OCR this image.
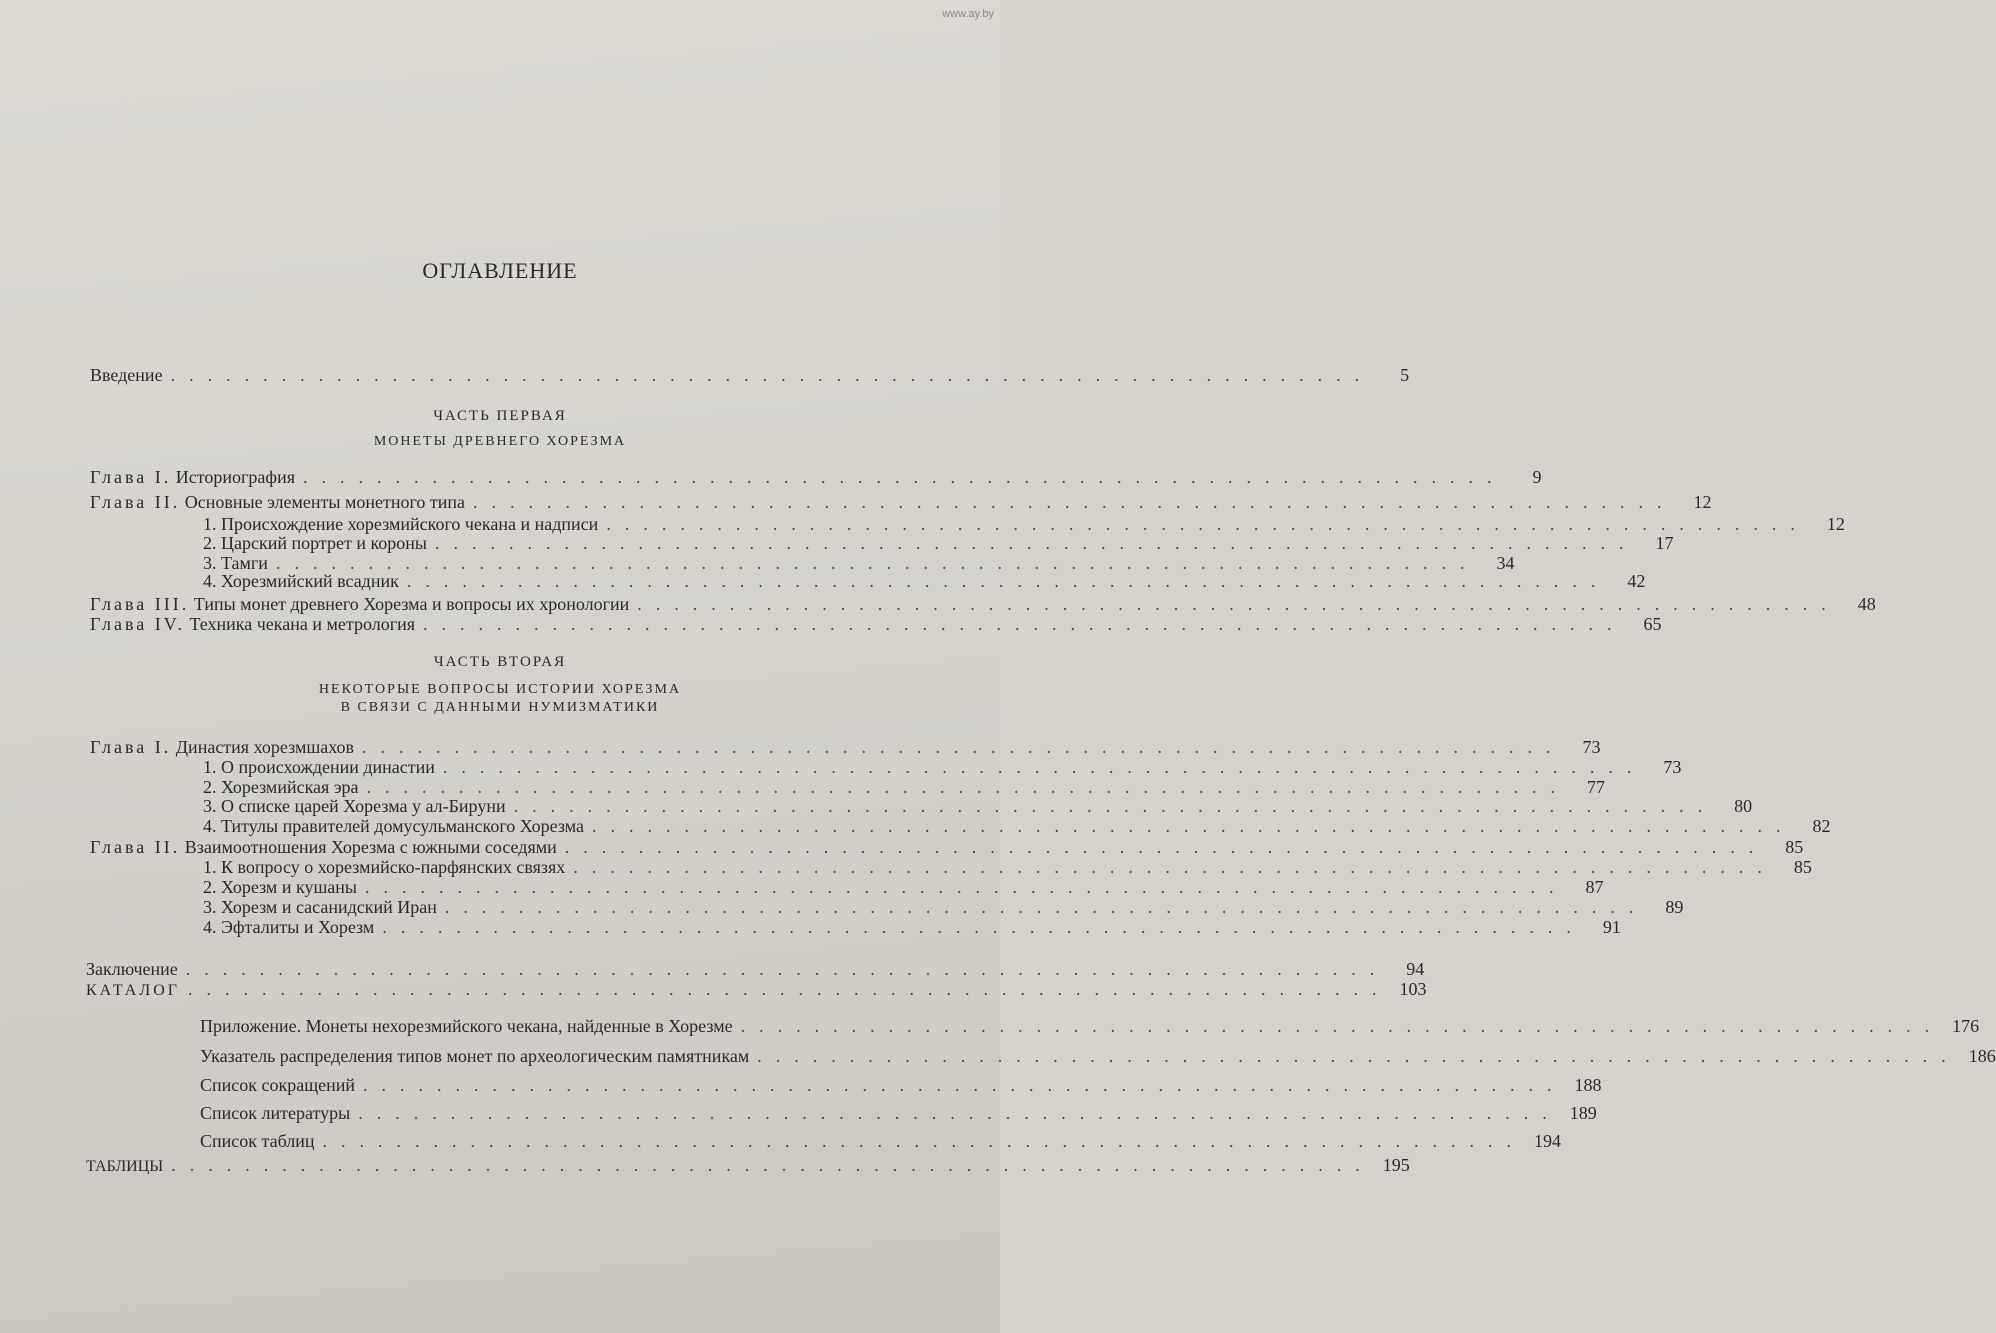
www.ay.by
ОГЛАВЛЕНИЕ
Введение .................................................................	5
ЧАСТЬ ПЕРВАЯ
МОНЕТЫ ДРЕВНЕГО ХОРЕЗМА
Глава I. Историография .................................................................	9
Глава II. Основные элементы монетного типа .................................................................	12
1. Происхождение хорезмийского чекана и надписи .................................................................	12
2. Царский портрет и короны .................................................................	17
3. Тамги .................................................................	34
4. Хорезмийский всадник .................................................................	42
Глава III. Типы монет древнего Хорезма и вопросы их хронологии .................................................................	48
Глава IV. Техника чекана и метрология .................................................................	65
ЧАСТЬ ВТОРАЯ
НЕКОТОРЫЕ ВОПРОСЫ ИСТОРИИ ХОРЕЗМА
В СВЯЗИ С ДАННЫМИ НУМИЗМАТИКИ
Глава I. Династия хорезмшахов .................................................................	73
1. О происхождении династии .................................................................	73
2. Хорезмийская эра .................................................................	77
3. О списке царей Хорезма у ал-Бируни .................................................................	80
4. Титулы правителей домусульманского Хорезма .................................................................	82
Глава II. Взаимоотношения Хорезма с южными соседями .................................................................	85
1. К вопросу о хорезмийско-парфянских связях .................................................................	85
2. Хорезм и кушаны .................................................................	87
3. Хорезм и сасанидский Иран .................................................................	89
4. Эфталиты и Хорезм .................................................................	91
Заключение .................................................................	94
КАТАЛОГ ................................................................. 103
Приложение. Монеты нехорезмийского чекана, найденные в Хорезме ................................................................. 176
Указатель распределения типов монет по археологическим памятникам ................................................................. 186
Список сокращений ................................................................. 188
Список литературы ................................................................. 189
Список таблиц ................................................................. 194
ТАБЛИЦЫ ................................................................. 195
